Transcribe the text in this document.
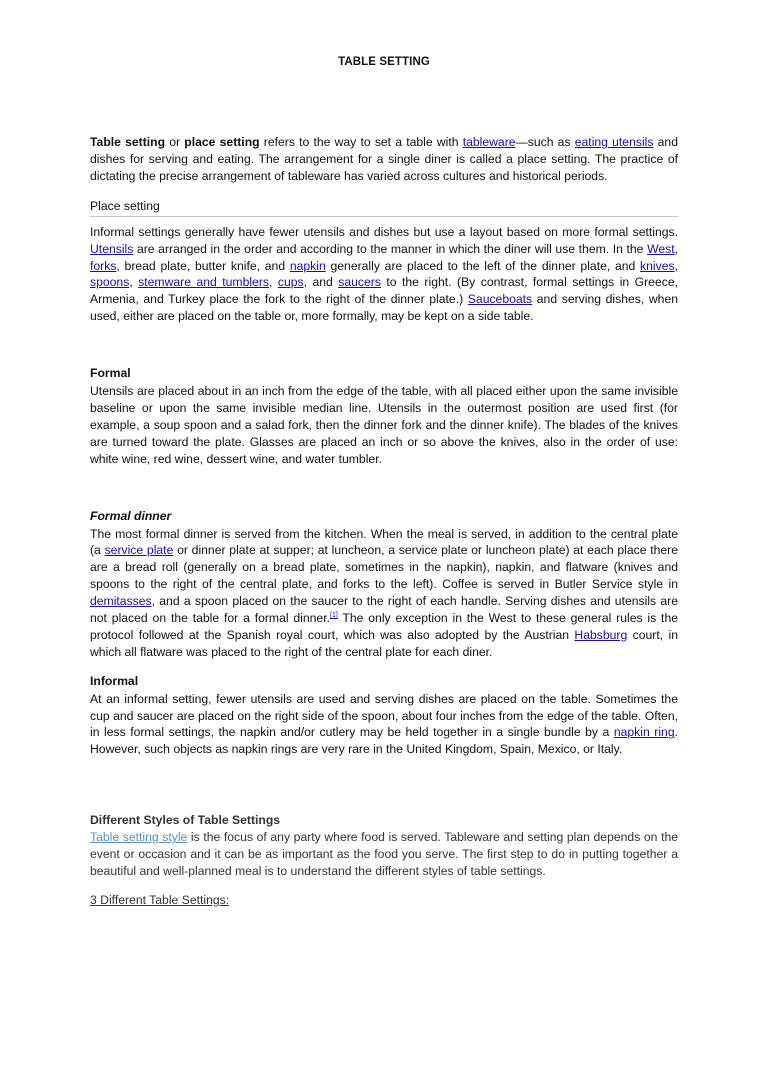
TABLE SETTING

Table setting or place setting refers to the way to set a table with tableware—such as eating utensils and dishes for serving and eating. The arrangement for a single diner is called a place setting. The practice of dictating the precise arrangement of tableware has varied across cultures and historical periods.

Place setting

Informal settings generally have fewer utensils and dishes but use a layout based on more formal settings. Utensils are arranged in the order and according to the manner in which the diner will use them. In the West, forks, bread plate, butter knife, and napkin generally are placed to the left of the dinner plate, and knives, spoons, stemware and tumblers, cups, and saucers to the right. (By contrast, formal settings in Greece, Armenia, and Turkey place the fork to the right of the dinner plate.) Sauceboats and serving dishes, when used, either are placed on the table or, more formally, may be kept on a side table.

Formal

Utensils are placed about in an inch from the edge of the table, with all placed either upon the same invisible baseline or upon the same invisible median line. Utensils in the outermost position are used first (for example, a soup spoon and a salad fork, then the dinner fork and the dinner knife). The blades of the knives are turned toward the plate. Glasses are placed an inch or so above the knives, also in the order of use: white wine, red wine, dessert wine, and water tumbler.

Formal dinner

The most formal dinner is served from the kitchen. When the meal is served, in addition to the central plate (a service plate or dinner plate at supper; at luncheon, a service plate or luncheon plate) at each place there are a bread roll (generally on a bread plate, sometimes in the napkin), napkin, and flatware (knives and spoons to the right of the central plate, and forks to the left). Coffee is served in Butler Service style in demitasses, and a spoon placed on the saucer to the right of each handle. Serving dishes and utensils are not placed on the table for a formal dinner.[1] The only exception in the West to these general rules is the protocol followed at the Spanish royal court, which was also adopted by the Austrian Habsburg court, in which all flatware was placed to the right of the central plate for each diner.

Informal

At an informal setting, fewer utensils are used and serving dishes are placed on the table. Sometimes the cup and saucer are placed on the right side of the spoon, about four inches from the edge of the table. Often, in less formal settings, the napkin and/or cutlery may be held together in a single bundle by a napkin ring. However, such objects as napkin rings are very rare in the United Kingdom, Spain, Mexico, or Italy.

Different Styles of Table Settings

Table setting style is the focus of any party where food is served. Tableware and setting plan depends on the event or occasion and it can be as important as the food you serve. The first step to do in putting together a beautiful and well-planned meal is to understand the different styles of table settings.

3 Different Table Settings:
